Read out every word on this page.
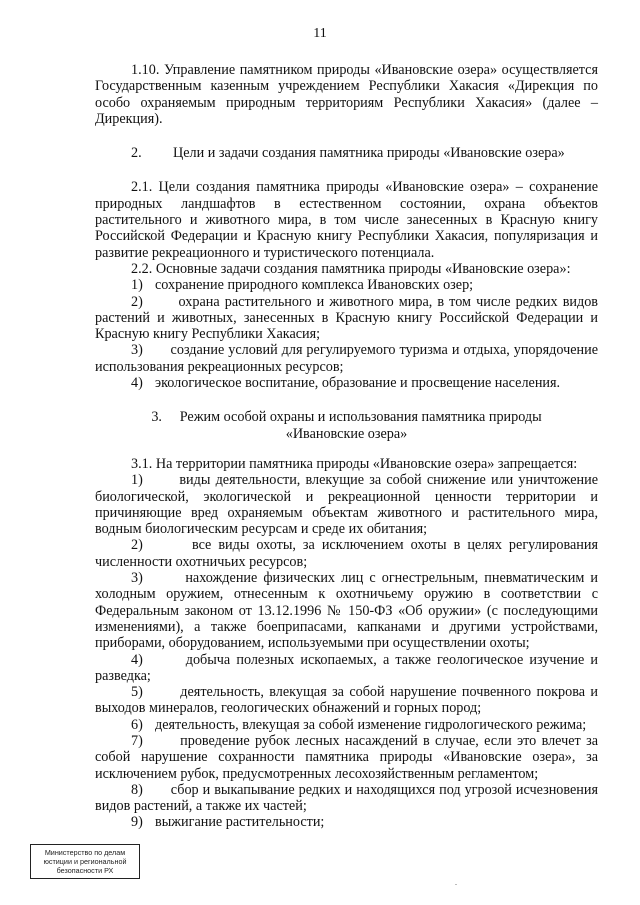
11

1.10. Управление памятником природы «Ивановские озера» осуществляется Государственным казенным учреждением Республики Хакасия «Дирекция по особо охраняемым природным территориям Республики Хакасия» (далее – Дирекция).

2. Цели и задачи создания памятника природы «Ивановские озера»

2.1. Цели создания памятника природы «Ивановские озера» – сохранение природных ландшафтов в естественном состоянии, охрана объектов растительного и животного мира, в том числе занесенных в Красную книгу Российской Федерации и Красную книгу Республики Хакасия, популяризация и развитие рекреационного и туристического потенциала.

2.2. Основные задачи создания памятника природы «Ивановские озера»:

1) сохранение природного комплекса Ивановских озер;

2)	охрана растительного и животного мира, в том числе редких видов растений и животных, занесенных в Красную книгу Российской Федерации и Красную книгу Республики Хакасия;

3) создание условий для регулируемого туризма и отдыха, упорядочение использования рекреационных ресурсов;

4) экологическое воспитание, образование и просвещение населения.

3. Режим особой охраны и использования памятника природы
«Ивановские озера»

3.1. На территории памятника природы «Ивановские озера» запрещается:

1)	виды деятельности, влекущие за собой снижение или уничтожение биологической, экологической и рекреационной ценности территории и причиняющие вред охраняемым объектам животного и растительного мира, водным биологическим ресурсам и среде их обитания;

2)	все виды охоты, за исключением охоты в целях регулирования численности охотничьих ресурсов;

3)	нахождение физических лиц с огнестрельным, пневматическим и холодным оружием, отнесенным к охотничьему оружию в соответствии с Федеральным законом от 13.12.1996 № 150-ФЗ «Об оружии» (с последующими изменениями), а также боеприпасами, капканами и другими устройствами, приборами, оборудованием, используемыми при осуществлении охоты;

4)	добыча полезных ископаемых, а также геологическое изучение и разведка;

5)	деятельность, влекущая за собой нарушение почвенного покрова и выходов минералов, геологических обнажений и горных пород;

6) деятельность, влекущая за собой изменение гидрологического режима;

7)	проведение рубок лесных насаждений в случае, если это влечет за собой нарушение сохранности памятника природы «Ивановские озера», за исключением рубок, предусмотренных лесохозяйственным регламентом;

8) сбор и выкапывание редких и находящихся под угрозой исчезновения видов растений, а также их частей;

9) выжигание растительности;
Министерство по делам
юстиции и региональной
безопасности РХ
